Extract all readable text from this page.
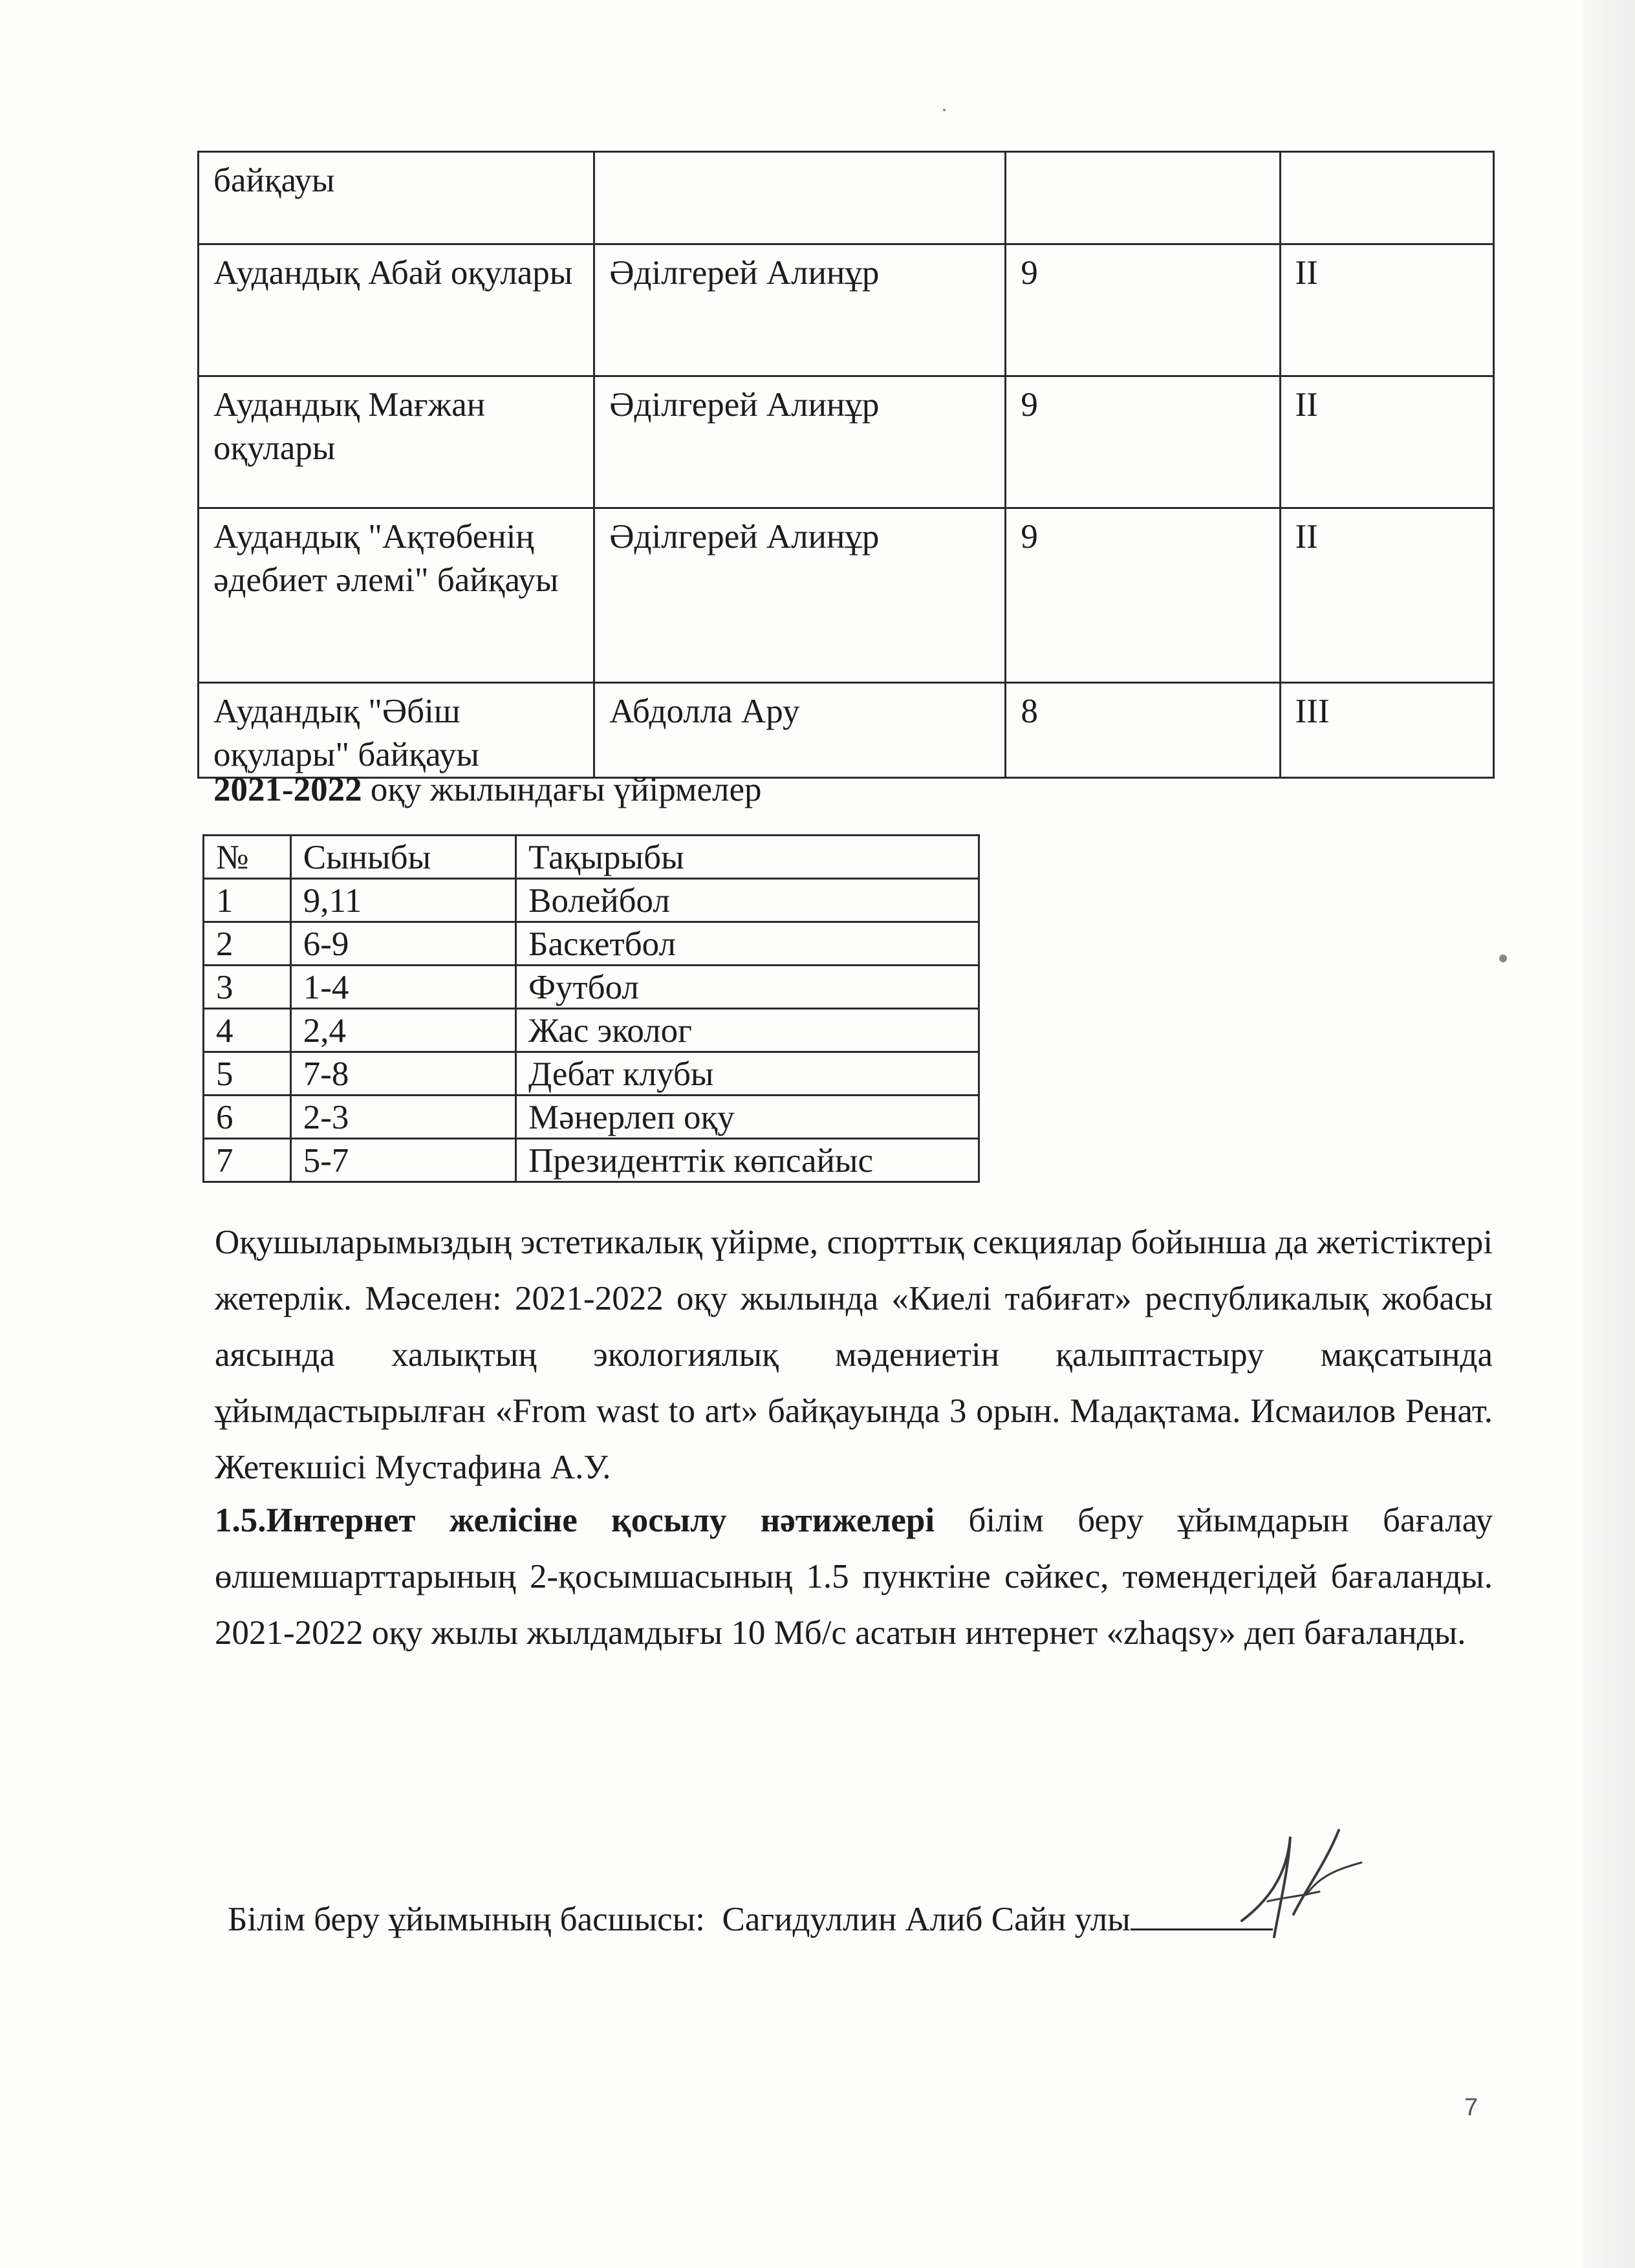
байқауы			
Аудандық Абай оқулары	Әділгерей Алинұр	9	II
Аудандық Мағжан оқулары	Әділгерей Алинұр	9	II
Аудандық "Ақтөбенің әдебиет әлемі" байқауы	Әділгерей Алинұр	9	II
Аудандық "Әбіш оқулары" байқауы	Абдолла Ару	8	III

2021-2022 оқу жылындағы үйірмелер

№	Сыныбы	Тақырыбы
1	9,11	Волейбол
2	6-9	Баскетбол
3	1-4	Футбол
4	2,4	Жас эколог
5	7-8	Дебат клубы
6	2-3	Мәнерлеп оқу
7	5-7	Президенттік көпсайыс

Оқушыларымыздың эстетикалық үйірме, спорттық секциялар бойынша да жетістіктері жетерлік. Мәселен: 2021-2022 оқу жылында «Киелі табиғат» республикалық жобасы аясында халықтың экологиялық мәдениетін қалыптастыру мақсатында ұйымдастырылған «From wast to art» байқауында 3 орын. Мадақтама. Исмаилов Ренат. Жетекшісі Мустафина А.У.

1.5.Интернет желісіне қосылу нәтижелері білім беру ұйымдарын бағалау өлшемшарттарының 2-қосымшасының 1.5 пунктіне сәйкес, төмендегідей бағаланды. 2021-2022 оқу жылы жылдамдығы 10 Мб/с асатын интернет «zhaqsy» деп бағаланды.

Білім беру ұйымының басшысы: Сагидуллин Алиб Сайн улы
7
